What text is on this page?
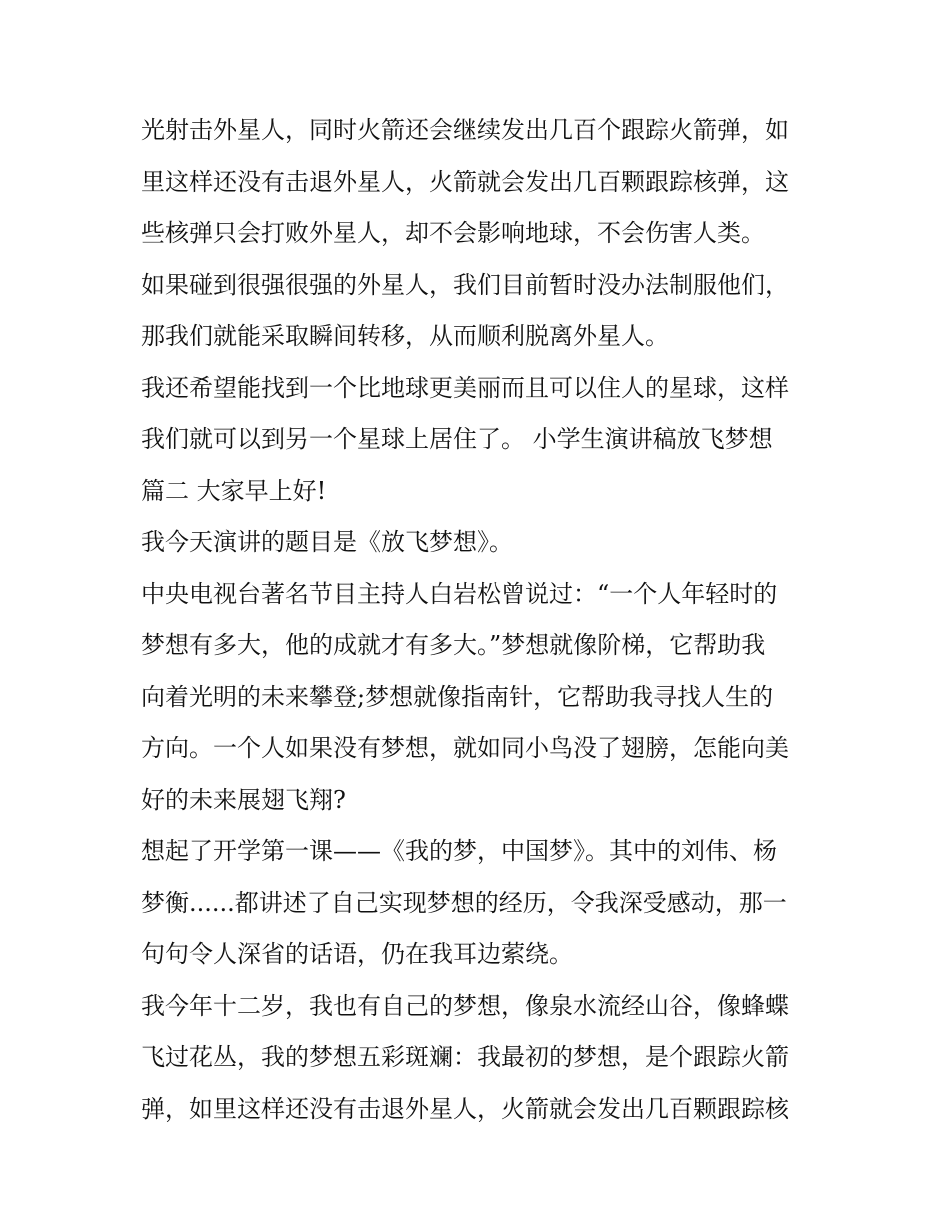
光射击外星人，同时火箭还会继续发出几百个跟踪火箭弹，如
里这样还没有击退外星人，火箭就会发出几百颗跟踪核弹，这
些核弹只会打败外星人，却不会影响地球，不会伤害人类。
如果碰到很强很强的外星人，我们目前暂时没办法制服他们，
那我们就能采取瞬间转移，从而顺利脱离外星人。
我还希望能找到一个比地球更美丽而且可以住人的星球，这样
我们就可以到另一个星球上居住了。 小学生演讲稿放飞梦想
篇二 大家早上好!
我今天演讲的题目是《放飞梦想》。
中央电视台著名节目主持人白岩松曾说过：“一个人年轻时的
梦想有多大，他的成就才有多大。”梦想就像阶梯，它帮助我
向着光明的未来攀登;梦想就像指南针，它帮助我寻找人生的
方向。一个人如果没有梦想，就如同小鸟没了翅膀，怎能向美
好的未来展翅飞翔?
想起了开学第一课——《我的梦，中国梦》。其中的刘伟、杨
梦衡......都讲述了自己实现梦想的经历，令我深受感动，那一
句句令人深省的话语，仍在我耳边萦绕。
我今年十二岁，我也有自己的梦想，像泉水流经山谷，像蜂蝶
飞过花丛，我的梦想五彩斑斓：我最初的梦想，是个跟踪火箭
弹，如里这样还没有击退外星人，火箭就会发出几百颗跟踪核
